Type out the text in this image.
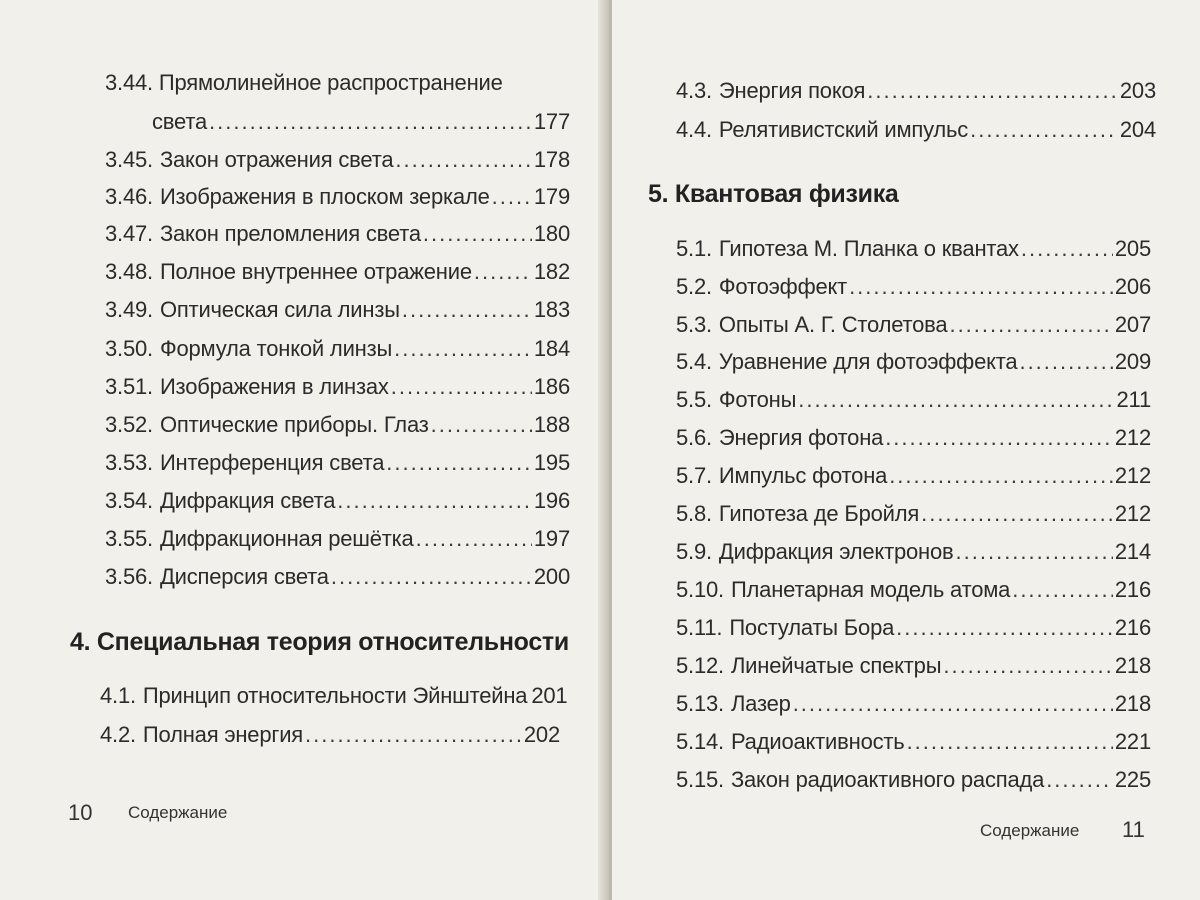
3.44. Прямолинейное распространение
света .....	177
3.45. Закон отражения света .....	178
3.46. Изображения в плоском зеркале ..... 179
3.47. Закон преломления света .....	180
3.48. Полное внутреннее отражение .....	182
3.49. Оптическая сила линзы .....	183
3.50. Формула тонкой линзы .....	184
3.51. Изображения в линзах .....	186
3.52. Оптические приборы. Глаз .....	188
3.53. Интерференция света .....	195
3.54. Дифракция света .....	196
3.55. Дифракционная решётка .....	197
3.56. Дисперсия света .....	200
4. Специальная теория относительности
4.1. Принцип относительности Эйнштейна 201
4.2. Полная энергия .....	202
10 Содержание
4.3. Энергия покоя .....	203
4.4. Релятивистский импульс .....	204
5. Квантовая физика
5.1. Гипотеза М. Планка о квантах .....	205
5.2. Фотоэффект .....	206
5.3. Опыты А. Г. Столетова .....	207
5.4. Уравнение для фотоэффекта .....	209
5.5. Фотоны .....	211
5.6. Энергия фотона .....	212
5.7. Импульс фотона .....	212
5.8. Гипотеза де Бройля .....	212
5.9. Дифракция электронов .....	214
5.10. Планетарная модель атома .....	216
5.11. Постулаты Бора .....	216
5.12. Линейчатые спектры .....	218
5.13. Лазер .....	218
5.14. Радиоактивность .....	221
5.15. Закон радиоактивного распада .....	225
Содержание 11
